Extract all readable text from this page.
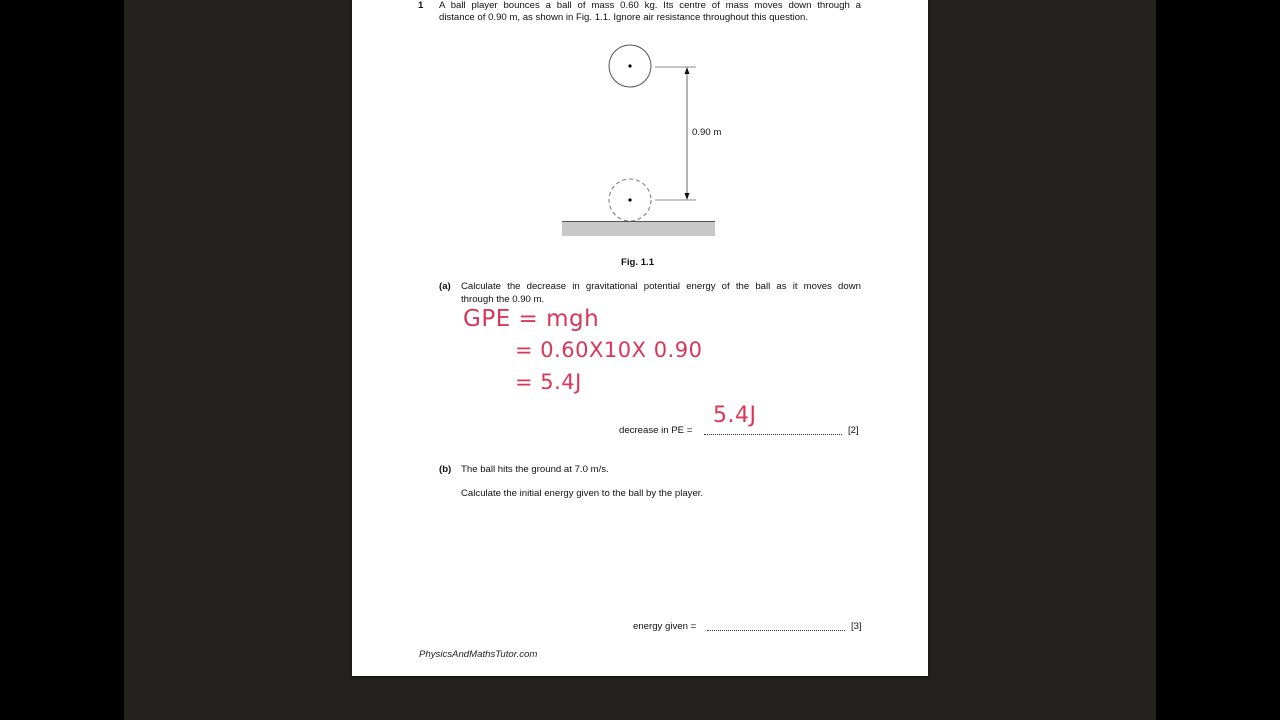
1 A ball player bounces a ball of mass 0.60 kg. Its centre of mass moves down through a
distance of 0.90 m, as shown in Fig. 1.1. Ignore air resistance throughout this question.
0.90 m
Fig. 1.1
(a) Calculate the decrease in gravitational potential energy of the ball as it moves down
through the 0.90 m.
GPE = mgh
= 0.60X10X 0.90
= 5.4J
decrease in PE =
5.4J
[2]
(b) The ball hits the ground at 7.0 m/s.
Calculate the initial energy given to the ball by the player.
energy given =	[3]
PhysicsAndMathsTutor.com
